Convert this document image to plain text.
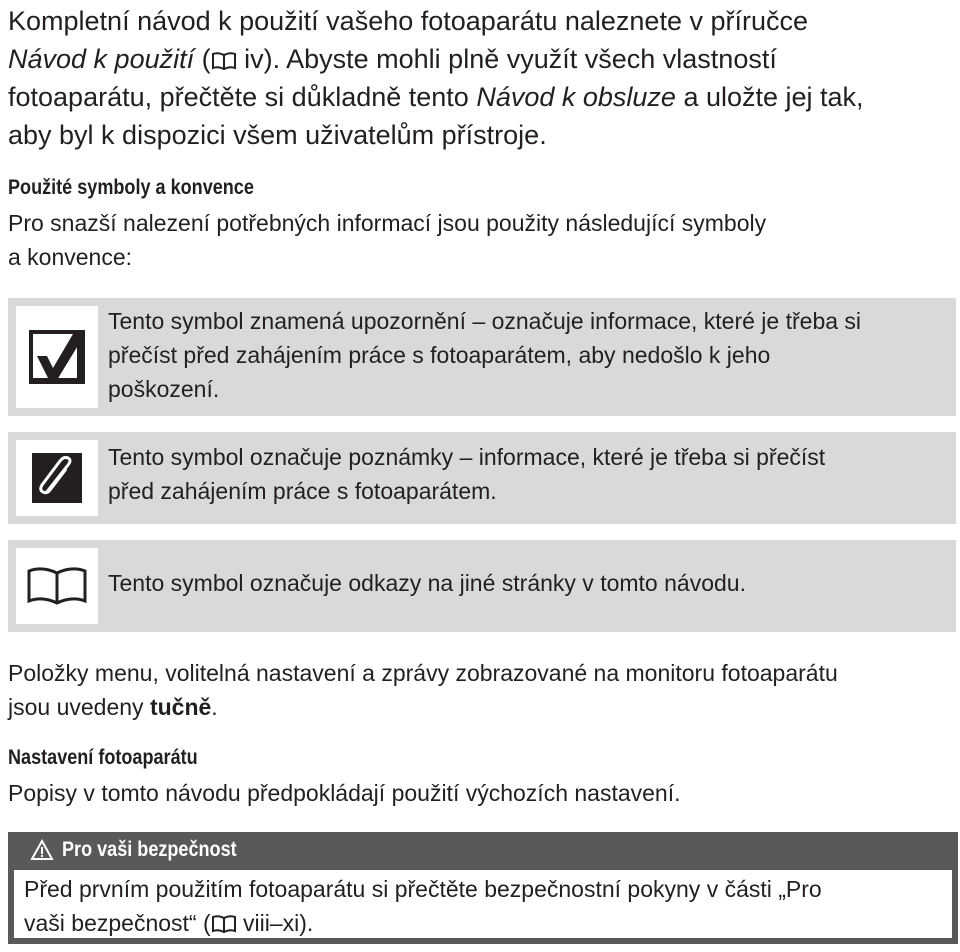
Kompletní návod k použití vašeho fotoaparátu naleznete v příručce
Návod k použití ( iv). Abyste mohli plně využít všech vlastností
fotoaparátu, přečtěte si důkladně tento Návod k obsluze a uložte jej tak,
aby byl k dispozici všem uživatelům přístroje.
Použité symboly a konvence
Pro snazší nalezení potřebných informací jsou použity následující symboly
a konvence:
Tento symbol znamená upozornění – označuje informace, které je třeba si
přečíst před zahájením práce s fotoaparátem, aby nedošlo k jeho
poškození.
Tento symbol označuje poznámky – informace, které je třeba si přečíst
před zahájením práce s fotoaparátem.
Tento symbol označuje odkazy na jiné stránky v tomto návodu.
Položky menu, volitelná nastavení a zprávy zobrazované na monitoru fotoaparátu
jsou uvedeny tučně.
Nastavení fotoaparátu
Popisy v tomto návodu předpokládají použití výchozích nastavení.
Pro vaši bezpečnost
Před prvním použitím fotoaparátu si přečtěte bezpečnostní pokyny v části „Pro
vaši bezpečnost“ ( viii–xi).
